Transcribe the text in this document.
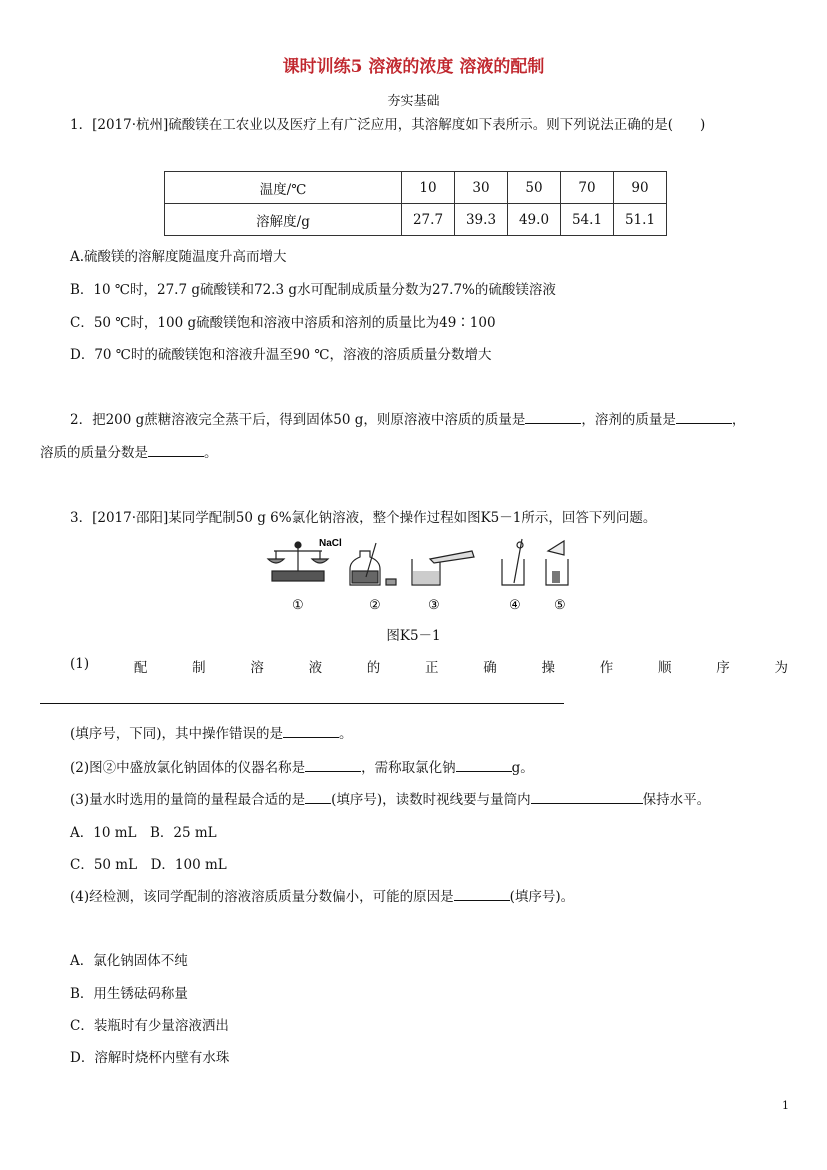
课时训练5 溶液的浓度 溶液的配制
夯实基础
1．[2017·杭州]硫酸镁在工农业以及医疗上有广泛应用，其溶解度如下表所示。则下列说法正确的是(　　)
温度/℃	10	30	50	70	90
溶解度/g	27.7	39.3	49.0	54.1	51.1
A.硫酸镁的溶解度随温度升高而增大
B．10 ℃时，27.7 g硫酸镁和72.3 g水可配制成质量分数为27.7%的硫酸镁溶液
C．50 ℃时，100 g硫酸镁饱和溶液中溶质和溶剂的质量比为49∶100
D．70 ℃时的硫酸镁饱和溶液升温至90 ℃，溶液的溶质质量分数增大
2．把200 g蔗糖溶液完全蒸干后，得到固体50 g，则原溶液中溶质的质量是	，溶剂的质量是	，
溶质的质量分数是	。
3．[2017·邵阳]某同学配制50 g 6%氯化钠溶液，整个操作过程如图K5－1所示，回答下列问题。
NaCl
①	②	③	④	⑤
图K5－1
(1)	配	制	溶	液	的	正	确	操	作	顺	序	为
(填序号，下同)，其中操作错误的是	。
(2)图②中盛放氯化钠固体的仪器名称是	，需称取氯化钠	g。
(3)量水时选用的量筒的量程最合适的是 (填序号)，读数时视线要与量筒内	保持水平。
A．10 mL　B．25 mL
C．50 mL　D．100 mL
(4)经检测，该同学配制的溶液溶质质量分数偏小，可能的原因是	(填序号)。
A．氯化钠固体不纯
B．用生锈砝码称量
C．装瓶时有少量溶液洒出
D．溶解时烧杯内壁有水珠
1
